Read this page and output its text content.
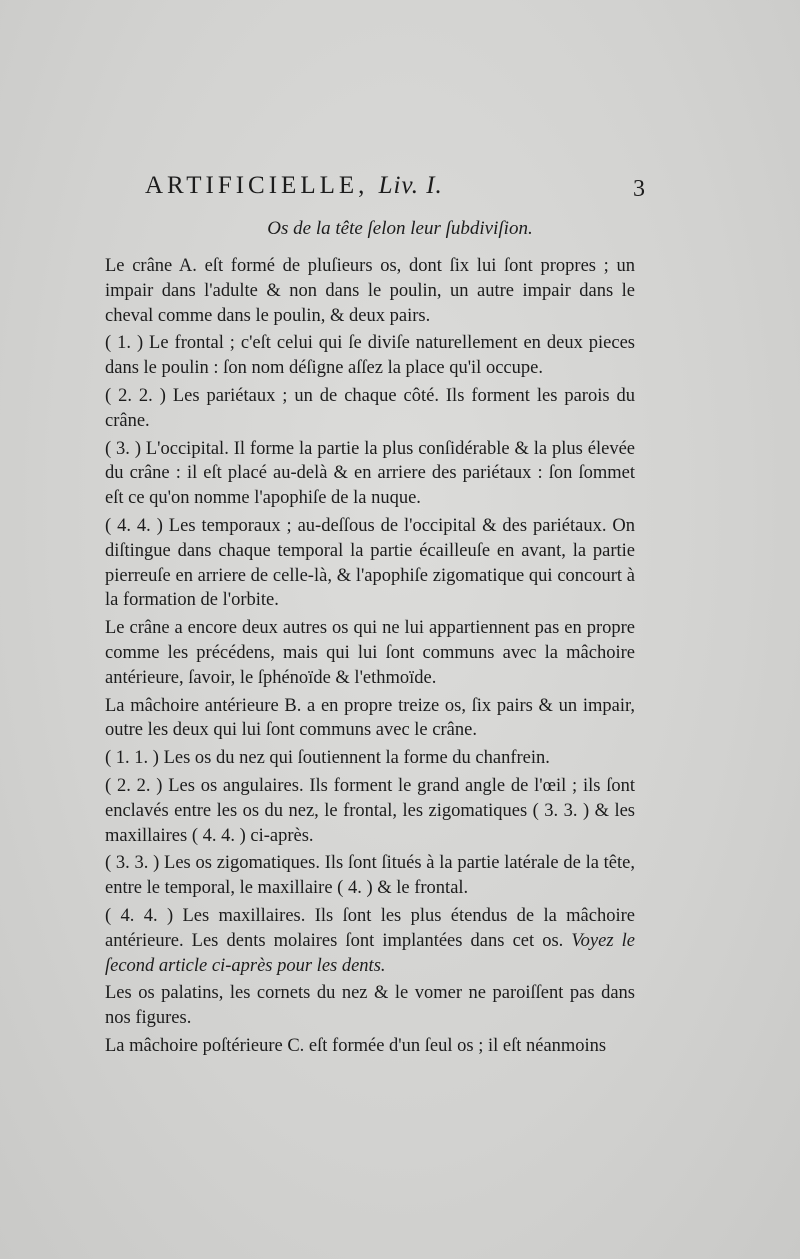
ARTIFICIELLE, Liv. I.	3
Os de la tête ſelon leur ſubdiviſion.

Le crâne A. eſt formé de pluſieurs os, dont ſix lui ſont propres ; un impair dans l'adulte & non dans le poulin, un autre impair dans le cheval comme dans le poulin, & deux pairs.

( 1. ) Le frontal ; c'eſt celui qui ſe diviſe naturellement en deux pieces dans le poulin : ſon nom déſigne aſſez la place qu'il occupe.

( 2. 2. ) Les pariétaux ; un de chaque côté. Ils forment les parois du crâne.

( 3. ) L'occipital. Il forme la partie la plus conſidérable & la plus élevée du crâne : il eſt placé au-delà & en arriere des pariétaux : ſon ſommet eſt ce qu'on nomme l'apophiſe de la nuque.

( 4. 4. ) Les temporaux ; au-deſſous de l'occipital & des pariétaux. On diſtingue dans chaque temporal la partie écailleuſe en avant, la partie pierreuſe en arriere de celle-là, & l'apophiſe zigomatique qui concourt à la formation de l'orbite.

Le crâne a encore deux autres os qui ne lui appartiennent pas en propre comme les précédens, mais qui lui ſont communs avec la mâchoire antérieure, ſavoir, le ſphénoïde & l'ethmoïde.

La mâchoire antérieure B. a en propre treize os, ſix pairs & un impair, outre les deux qui lui ſont communs avec le crâne.

( 1. 1. ) Les os du nez qui ſoutiennent la forme du chanfrein.

( 2. 2. ) Les os angulaires. Ils forment le grand angle de l'œil ; ils ſont enclavés entre les os du nez, le frontal, les zigomatiques ( 3. 3. ) & les maxillaires ( 4. 4. ) ci-après.

( 3. 3. ) Les os zigomatiques. Ils ſont ſitués à la partie latérale de la tête, entre le temporal, le maxillaire ( 4. ) & le frontal.

( 4. 4. ) Les maxillaires. Ils ſont les plus étendus de la mâchoire antérieure. Les dents molaires ſont implantées dans cet os. Voyez le ſecond article ci-après pour les dents.

Les os palatins, les cornets du nez & le vomer ne paroiſſent pas dans nos figures.

La mâchoire poſtérieure C. eſt formée d'un ſeul os ; il eſt néanmoins
